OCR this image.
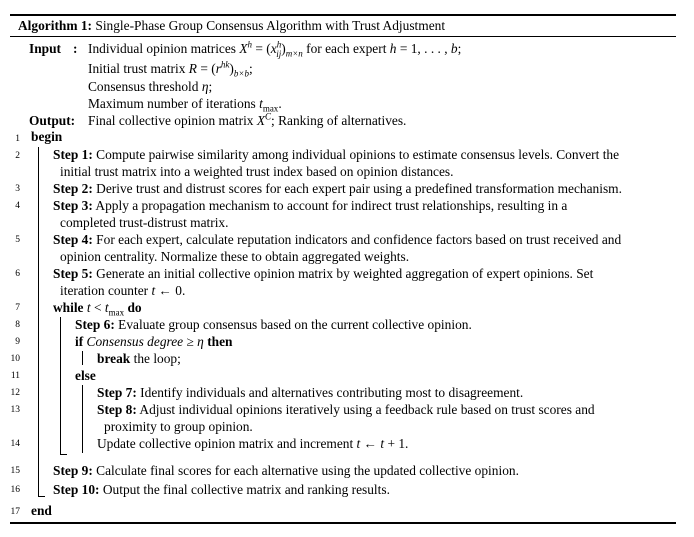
Algorithm 1: Single-Phase Group Consensus Algorithm with Trust Adjustment
Input : Individual opinion matrices $X^h = (x^h_{ij})_{m\times n}$ for each expert h = 1, . . . , b;
Initial trust matrix $R = (r^{hk})_{b\times b}$;
Consensus threshold η;
Maximum number of iterations $t_{max}$.
Output: Final collective opinion matrix $X^C$; Ranking of alternatives.
1
2
3
4
5
6
7
8
9
10
11
12
13
14
15
16
17
begin
Step 1: Compute pairwise similarity among individual opinions to estimate consensus levels. Convert the
initial trust matrix into a weighted trust index based on opinion distances.
Step 2: Derive trust and distrust scores for each expert pair using a predefined transformation mechanism.
Step 3: Apply a propagation mechanism to account for indirect trust relationships, resulting in a
completed trust-distrust matrix.
Step 4: For each expert, calculate reputation indicators and confidence factors based on trust received and
opinion centrality. Normalize these to obtain aggregated weights.
Step 5: Generate an initial collective opinion matrix by weighted aggregation of expert opinions. Set
iteration counter t ← 0.
while $t < t_{max}$ do
Step 6: Evaluate group consensus based on the current collective opinion.
if Consensus degree ≥ η then
break the loop;
else
Step 7: Identify individuals and alternatives contributing most to disagreement.
Step 8: Adjust individual opinions iteratively using a feedback rule based on trust scores and
proximity to group opinion.
Update collective opinion matrix and increment t ← t + 1.
Step 9: Calculate final scores for each alternative using the updated collective opinion.
Step 10: Output the final collective matrix and ranking results.
end
